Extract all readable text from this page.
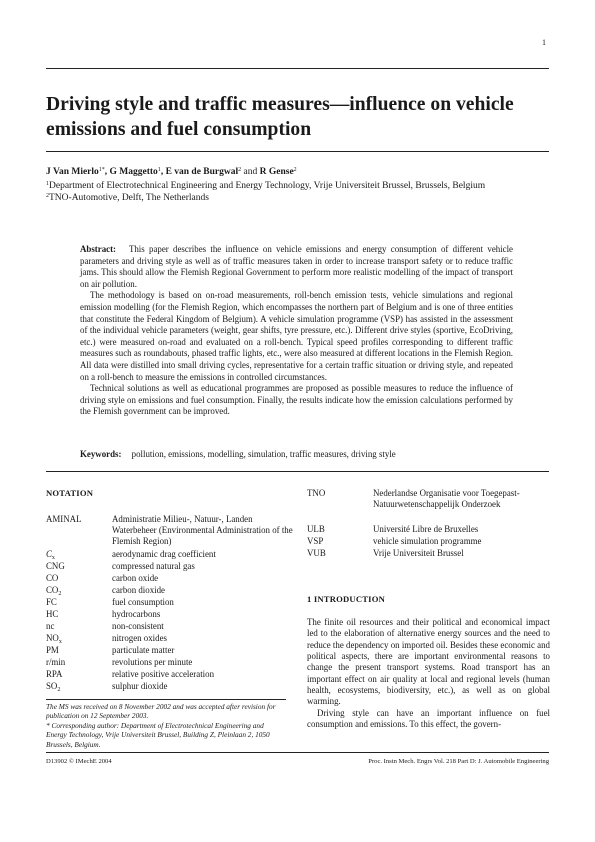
1
Driving style and traffic measures—influence on vehicle emissions and fuel consumption
J Van Mierlo$^{1*}$, G Maggetto$^1$, E van de Burgwal$^2$ and R Gense$^2$
$^1$Department of Electrotechnical Engineering and Energy Technology, Vrije Universiteit Brussel, Brussels, Belgium
$^2$TNO-Automotive, Delft, The Netherlands

Abstract: This paper describes the influence on vehicle emissions and energy consumption of different vehicle parameters and driving style as well as of traffic measures taken in order to increase transport safety or to reduce traffic jams. This should allow the Flemish Regional Government to perform more realistic modelling of the impact of transport on air pollution.

The methodology is based on on-road measurements, roll-bench emission tests, vehicle simulations and regional emission modelling (for the Flemish Region, which encompasses the northern part of Belgium and is one of three entities that constitute the Federal Kingdom of Belgium). A vehicle simulation programme (VSP) has assisted in the assessment of the individual vehicle parameters (weight, gear shifts, tyre pressure, etc.). Different drive styles (sportive, EcoDriving, etc.) were measured on-road and evaluated on a roll-bench. Typical speed profiles corresponding to different traffic measures such as roundabouts, phased traffic lights, etc., were also measured at different locations in the Flemish Region. All data were distilled into small driving cycles, representative for a certain traffic situation or driving style, and repeated on a roll-bench to measure the emissions in controlled circumstances.

Technical solutions as well as educational programmes are proposed as possible measures to reduce the influence of driving style on emissions and fuel consumption. Finally, the results indicate how the emission calculations performed by the Flemish government can be improved.

Keywords: pollution, emissions, modelling, simulation, traffic measures, driving style
NOTATION
AMINAL	Administratie Milieu-, Natuur-, Landen Waterbeheer (Environmental Administration of the Flemish Region)
$C_x$	aerodynamic drag coefficient
CNG	compressed natural gas
CO	carbon oxide
$CO_2$	carbon dioxide
FC	fuel consumption
HC	hydrocarbons
nc	non-consistent
$NO_x$	nitrogen oxides
PM	particulate matter
r/min	revolutions per minute
RPA	relative positive acceleration
$SO_2$	sulphur dioxide
TNO	Nederlandse Organisatie voor Toegepast-Natuurwetenschappelijk Onderzoek
ULB	Université Libre de Bruxelles
VSP	vehicle simulation programme
VUB	Vrije Universiteit Brussel
The MS was received on 8 November 2002 and was accepted after revision for publication on 12 September 2003.
* Corresponding author: Department of Electrotechnical Engineering and Energy Technology, Vrije Universiteit Brussel, Building Z, Pleinlaan 2, 1050 Brussels, Belgium.
1 INTRODUCTION

The finite oil resources and their political and economical impact led to the elaboration of alternative energy sources and the need to reduce the dependency on imported oil. Besides these economic and political aspects, there are important environmental reasons to change the present transport systems. Road transport has an important effect on air quality at local and regional levels (human health, ecosystems, biodiversity, etc.), as well as on global warming.

Driving style can have an important influence on fuel consumption and emissions. To this effect, the govern-

D13902 © IMechE 2004	Proc. Instn Mech. Engrs Vol. 218 Part D: J. Automobile Engineering
